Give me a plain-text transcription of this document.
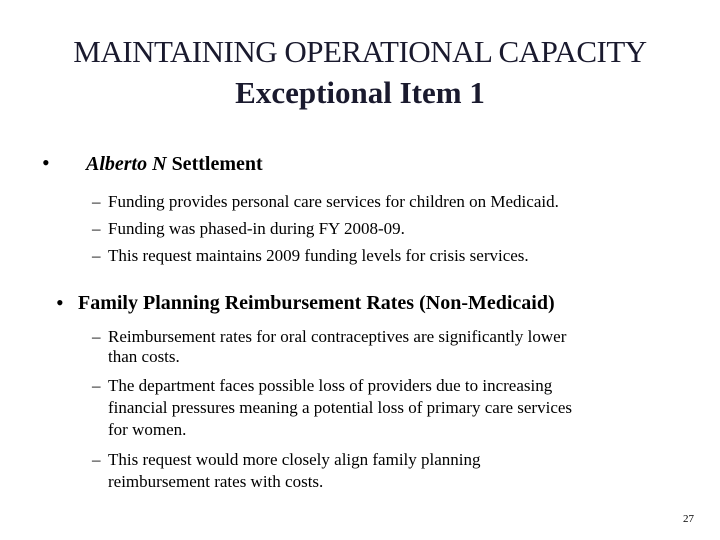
MAINTAINING OPERATIONAL CAPACITY
Exceptional Item 1
• Alberto N Settlement
– Funding provides personal care services for children on Medicaid.
– Funding was phased-in during FY 2008-09.
– This request maintains 2009 funding levels for crisis services.
• Family Planning Reimbursement Rates (Non-Medicaid)
– Reimbursement rates for oral contraceptives are significantly lower
than costs.
– The department faces possible loss of providers due to increasing
financial pressures meaning a potential loss of primary care services
for women.
– This request would more closely align family planning
reimbursement rates with costs.
27
